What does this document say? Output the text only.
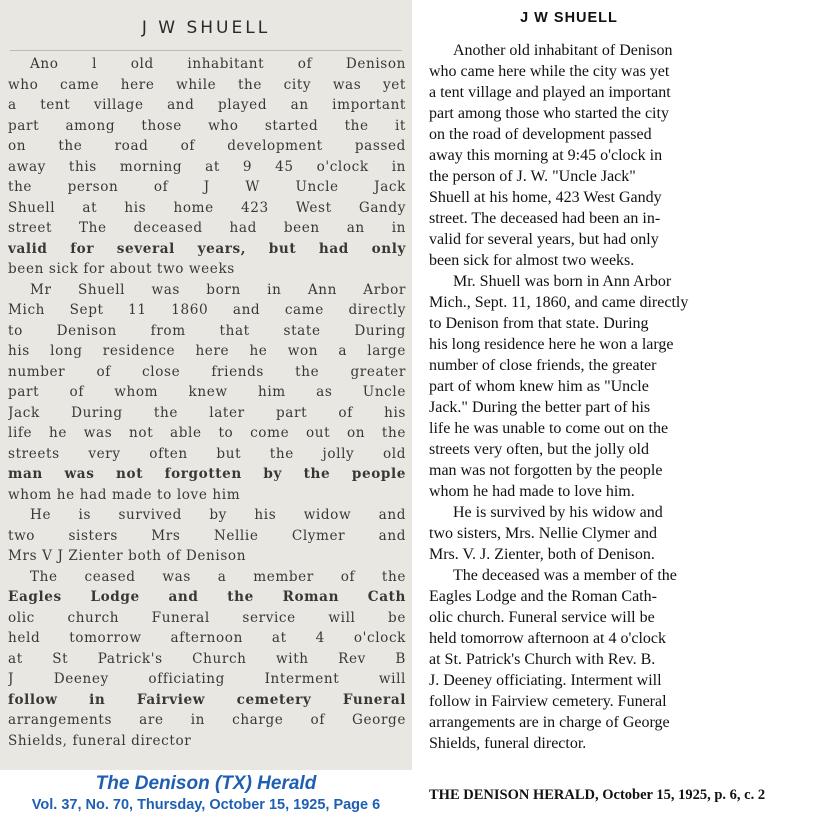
J W SHUELL
Ano l old inhabitant of Denison
who came here while the city was yet
a tent village and played an important
part among those who started the it
on the road of development passed
away this morning at 9 45 o'clock in
the person of J W Uncle Jack
Shuell at his home 423 West Gandy
street The deceased had been an in
valid for several years, but had only
been sick for about two weeks
Mr Shuell was born in Ann Arbor
Mich Sept 11 1860 and came directly
to Denison from that state During
his long residence here he won a large
number of close friends the greater
part of whom knew him as Uncle
Jack During the later part of his
life he was not able to come out on the
streets very often but the jolly old
man was not forgotten by the people
whom he had made to love him
He is survived by his widow and
two sisters Mrs Nellie Clymer and
Mrs V J Zienter both of Denison
The ceased was a member of the
Eagles Lodge and the Roman Cath
olic church Funeral service will be
held tomorrow afternoon at 4 o'clock
at St Patrick's Church with Rev B
J Deeney officiating Interment will
follow in Fairview cemetery Funeral
arrangements are in charge of George
Shields, funeral director
The Denison (TX) Herald
Vol. 37, No. 70, Thursday, October 15, 1925, Page 6
J W SHUELL
Another old inhabitant of Denison
who came here while the city was yet
a tent village and played an important
part among those who started the city
on the road of development passed
away this morning at 9:45 o'clock in
the person of J. W. "Uncle Jack"
Shuell at his home, 423 West Gandy
street. The deceased had been an in-
valid for several years, but had only
been sick for almost two weeks.
Mr. Shuell was born in Ann Arbor
Mich., Sept. 11, 1860, and came directly
to Denison from that state. During
his long residence here he won a large
number of close friends, the greater
part of whom knew him as "Uncle
Jack." During the better part of his
life he was unable to come out on the
streets very often, but the jolly old
man was not forgotten by the people
whom he had made to love him.
He is survived by his widow and
two sisters, Mrs. Nellie Clymer and
Mrs. V. J. Zienter, both of Denison.
The deceased was a member of the
Eagles Lodge and the Roman Cath-
olic church. Funeral service will be
held tomorrow afternoon at 4 o'clock
at St. Patrick's Church with Rev. B.
J. Deeney officiating. Interment will
follow in Fairview cemetery. Funeral
arrangements are in charge of George
Shields, funeral director.
THE DENISON HERALD, October 15, 1925, p. 6, c. 2
